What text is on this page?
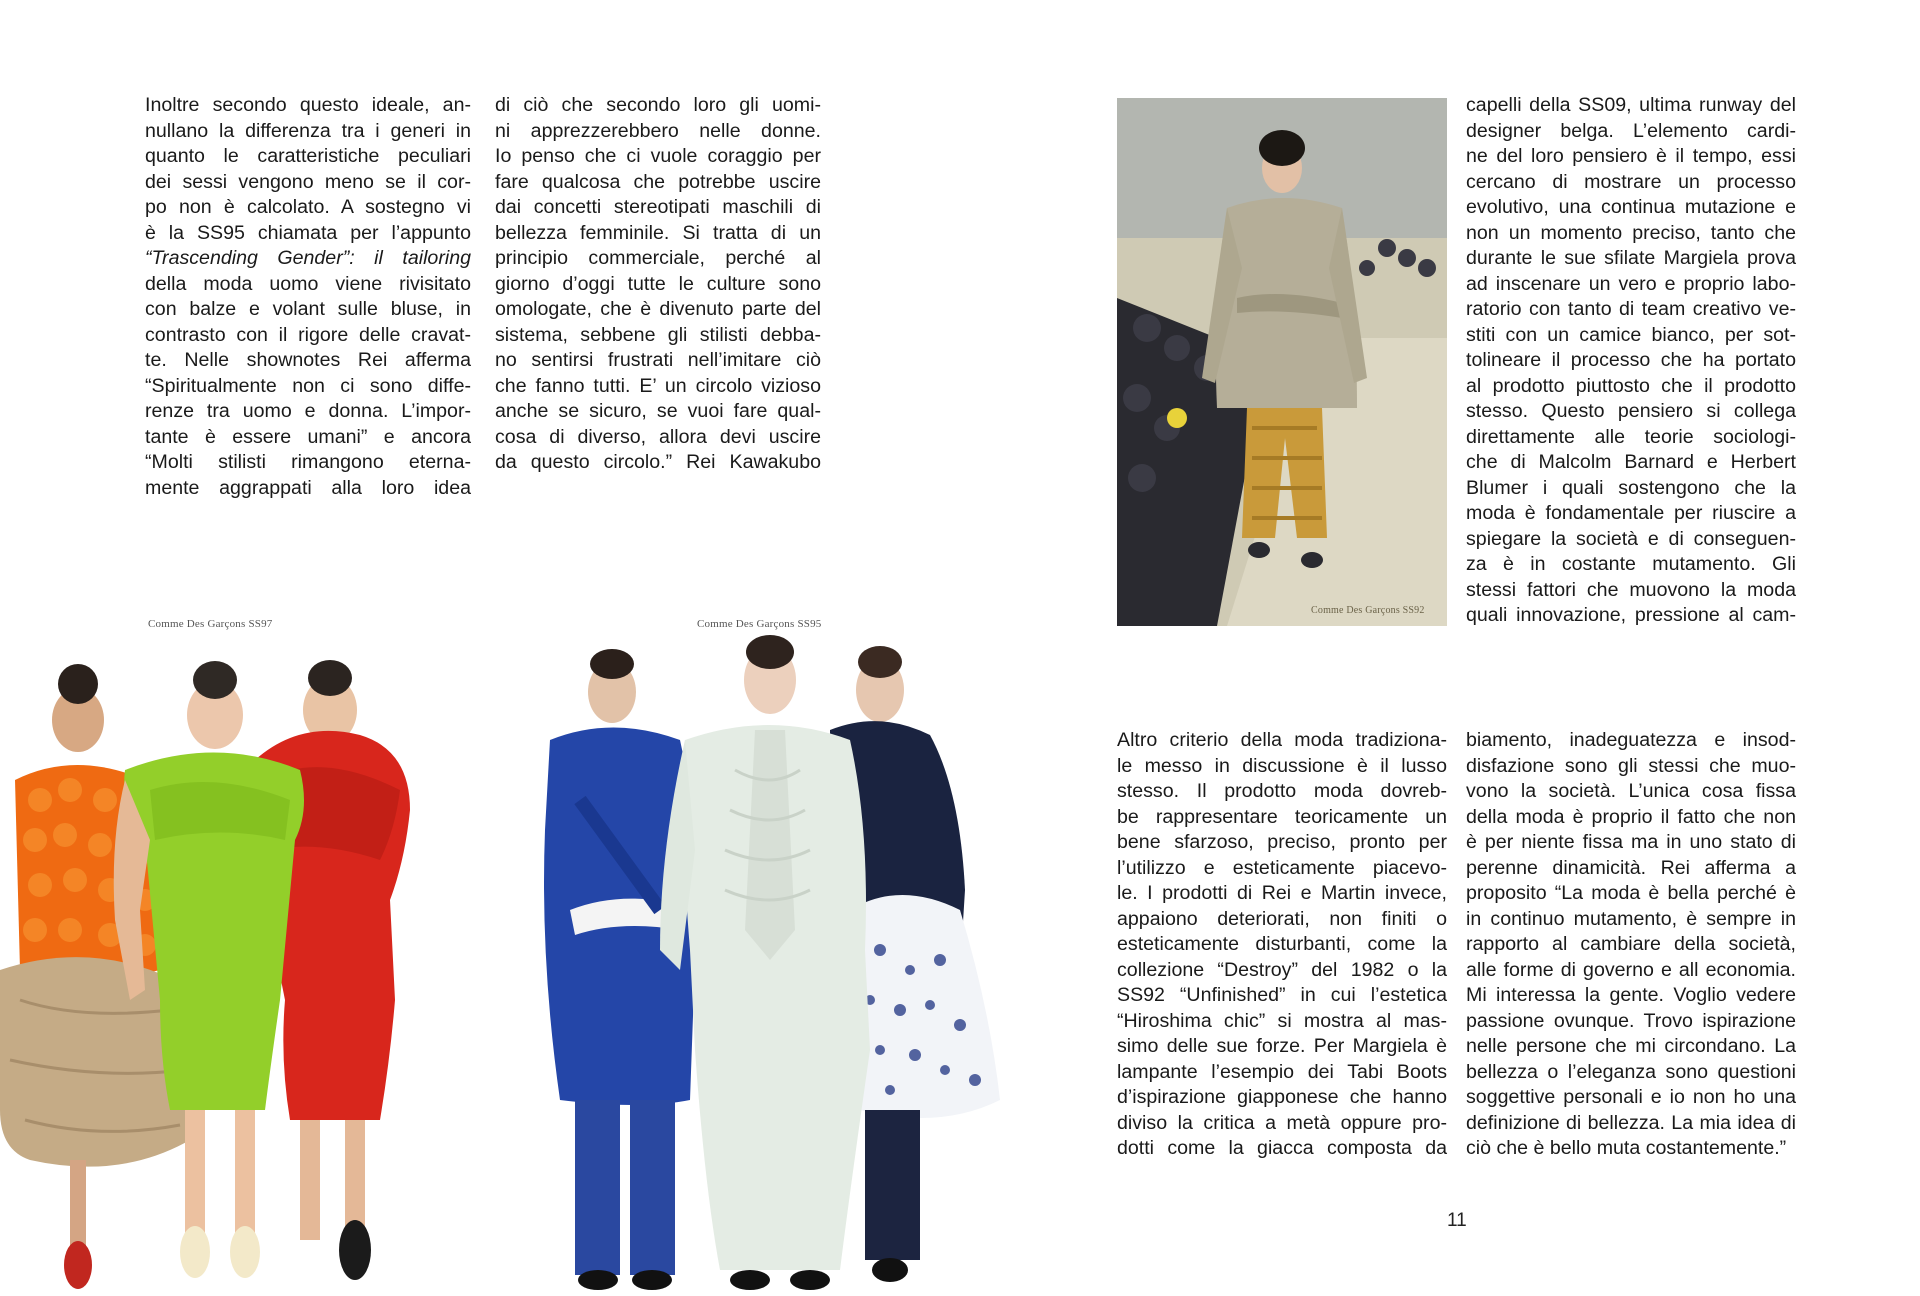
Inoltre secondo questo ideale, an-

nullano la differenza tra i generi in

quanto le caratteristiche peculiari

dei sessi vengono meno se il cor-

po non è calcolato. A sostegno vi

è la SS95 chiamata per l’appunto

“Trascending Gender”: il tailoring

della moda uomo viene rivisitato

con balze e volant sulle bluse, in

contrasto con il rigore delle cravat-

te. Nelle shownotes Rei afferma

“Spiritualmente non ci sono diffe-

renze tra uomo e donna. L’impor-

tante è essere umani” e ancora

“Molti stilisti rimangono eterna-

mente aggrappati alla loro idea

di ciò che secondo loro gli uomi-

ni apprezzerebbero nelle donne.

Io penso che ci vuole coraggio per

fare qualcosa che potrebbe uscire

dai concetti stereotipati maschili di

bellezza femminile. Si tratta di un

principio commerciale, perché al

giorno d’oggi tutte le culture sono

omologate, che è divenuto parte del

sistema, sebbene gli stilisti debba-

no sentirsi frustrati nell’imitare ciò

che fanno tutti. E’ un circolo vizioso

anche se sicuro, se vuoi fare qual-

cosa di diverso, allora devi uscire

da questo circolo.” Rei Kawakubo

Comme Des Garçons SS97	Comme Des Garçons SS95
Comme Des Garçons SS92

capelli della SS09, ultima runway del

designer belga. L’elemento cardi-

ne del loro pensiero è il tempo, essi

cercano di mostrare un processo

evolutivo, una continua mutazione e

non un momento preciso, tanto che

durante le sue sfilate Margiela prova

ad inscenare un vero e proprio labo-

ratorio con tanto di team creativo ve-

stiti con un camice bianco, per sot-

tolineare il processo che ha portato

al prodotto piuttosto che il prodotto

stesso. Questo pensiero si collega

direttamente alle teorie sociologi-

che di Malcolm Barnard e Herbert

Blumer i quali sostengono che la

moda è fondamentale per riuscire a

spiegare la società e di conseguen-

za è in costante mutamento. Gli

stessi fattori che muovono la moda

quali innovazione, pressione al cam-

Altro criterio della moda tradiziona-

le messo in discussione è il lusso

stesso. Il prodotto moda dovreb-

be rappresentare teoricamente un

bene sfarzoso, preciso, pronto per

l’utilizzo e esteticamente piacevo-

le. I prodotti di Rei e Martin invece,

appaiono deteriorati, non finiti o

esteticamente disturbanti, come la

collezione “Destroy” del 1982 o la

SS92 “Unfinished” in cui l’estetica

“Hiroshima chic” si mostra al mas-

simo delle sue forze. Per Margiela è

lampante l’esempio dei Tabi Boots

d’ispirazione giapponese che hanno

diviso la critica a metà oppure pro-

dotti come la giacca composta da

biamento, inadeguatezza e insod-

disfazione sono gli stessi che muo-

vono la società. L’unica cosa fissa

della moda è proprio il fatto che non

è per niente fissa ma in uno stato di

perenne dinamicità. Rei afferma a

proposito “La moda è bella perché è

in continuo mutamento, è sempre in

rapporto al cambiare della società,

alle forme di governo e all economia.

Mi interessa la gente. Voglio vedere

passione ovunque. Trovo ispirazione

nelle persone che mi circondano. La

bellezza o l’eleganza sono questioni

soggettive personali e io non ho una

definizione di bellezza. La mia idea di

ciò che è bello muta costantemente.”

11
